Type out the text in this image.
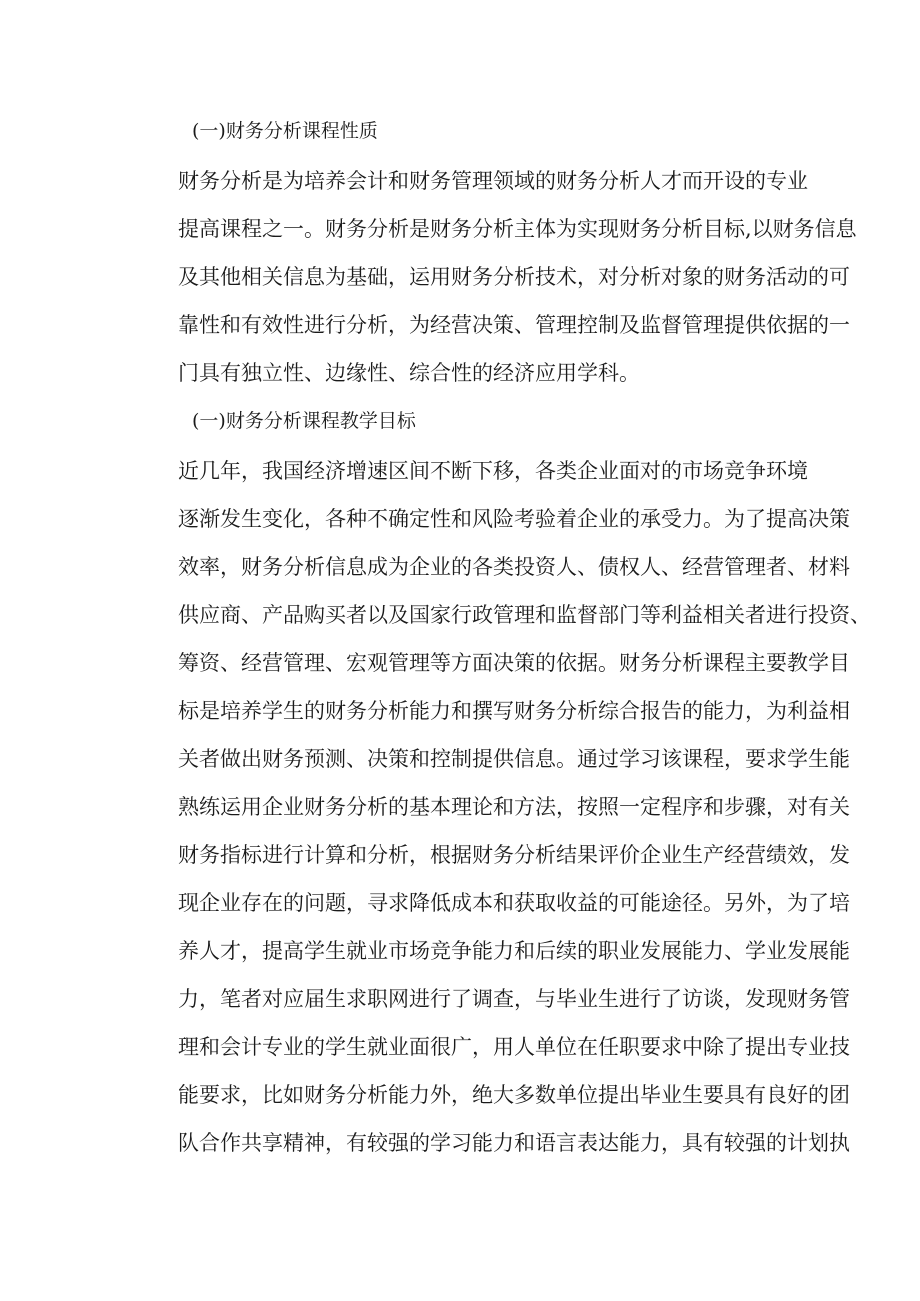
(一)财务分析课程性质
财务分析是为培养会计和财务管理领域的财务分析人才而开设的专业
提高课程之一。财务分析是财务分析主体为实现财务分析目标,以财务信息
及其他相关信息为基础，运用财务分析技术，对分析对象的财务活动的可
靠性和有效性进行分析，为经营决策、管理控制及监督管理提供依据的一
门具有独立性、边缘性、综合性的经济应用学科。
(一)财务分析课程教学目标
近几年，我国经济增速区间不断下移，各类企业面对的市场竞争环境
逐渐发生变化，各种不确定性和风险考验着企业的承受力。为了提高决策
效率，财务分析信息成为企业的各类投资人、债权人、经营管理者、材料
供应商、产品购买者以及国家行政管理和监督部门等利益相关者进行投资、
筹资、经营管理、宏观管理等方面决策的依据。财务分析课程主要教学目
标是培养学生的财务分析能力和撰写财务分析综合报告的能力，为利益相
关者做出财务预测、决策和控制提供信息。通过学习该课程，要求学生能
熟练运用企业财务分析的基本理论和方法，按照一定程序和步骤，对有关
财务指标进行计算和分析，根据财务分析结果评价企业生产经营绩效，发
现企业存在的问题，寻求降低成本和获取收益的可能途径。另外，为了培
养人才，提高学生就业市场竞争能力和后续的职业发展能力、学业发展能
力，笔者对应届生求职网进行了调查，与毕业生进行了访谈，发现财务管
理和会计专业的学生就业面很广，用人单位在任职要求中除了提出专业技
能要求，比如财务分析能力外，绝大多数单位提出毕业生要具有良好的团
队合作共享精神，有较强的学习能力和语言表达能力，具有较强的计划执
